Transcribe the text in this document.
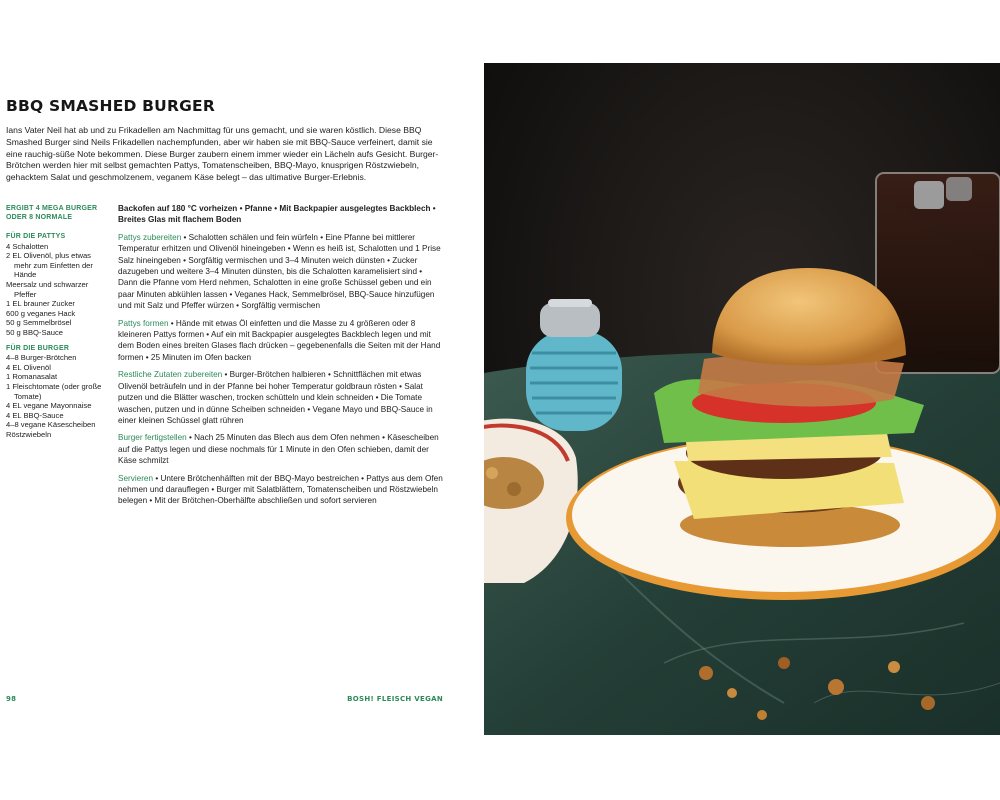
BBQ SMASHED BURGER

Ians Vater Neil hat ab und zu Frikadellen am Nachmittag für uns gemacht, und sie waren köstlich. Diese BBQ Smashed Burger sind Neils Frikadellen nachempfunden, aber wir haben sie mit BBQ-Sauce verfeinert, damit sie eine rauchig-süße Note bekommen. Diese Burger zaubern einem immer wieder ein Lächeln aufs Gesicht. Burger-Brötchen werden hier mit selbst gemachten Pattys, Tomatenscheiben, BBQ-Mayo, knusprigen Röstzwiebeln, gehacktem Salat und geschmolzenem, veganem Käse belegt – das ultimative Burger-Erlebnis.

ERGIBT 4 MEGA BURGER ODER 8 NORMALE
FÜR DIE PATTYS

4 Schalotten

2 EL Olivenöl, plus etwas mehr zum Einfetten der Hände

Meersalz und schwarzer Pfeffer

1 EL brauner Zucker

600 g veganes Hack

50 g Semmelbrösel

50 g BBQ-Sauce

FÜR DIE BURGER

4–8 Burger-Brötchen

4 EL Olivenöl

1 Romanasalat

1 Fleischtomate (oder große Tomate)

4 EL vegane Mayonnaise

4 EL BBQ-Sauce

4–8 vegane Käsescheiben

Röstzwiebeln

Backofen auf 180 °C vorheizen • Pfanne • Mit Backpapier ausgelegtes Backblech • Breites Glas mit flachem Boden

Pattys zubereiten • Schalotten schälen und fein würfeln • Eine Pfanne bei mittlerer Temperatur erhitzen und Olivenöl hineingeben • Wenn es heiß ist, Schalotten und 1 Prise Salz hineingeben • Sorgfältig vermischen und 3–4 Minuten weich dünsten • Zucker dazugeben und weitere 3–4 Minuten dünsten, bis die Schalotten karamelisiert sind • Dann die Pfanne vom Herd nehmen, Schalotten in eine große Schüssel geben und ein paar Minuten abkühlen lassen • Veganes Hack, Semmelbrösel, BBQ-Sauce hinzufügen und mit Salz und Pfeffer würzen • Sorgfältig vermischen

Pattys formen • Hände mit etwas Öl einfetten und die Masse zu 4 größeren oder 8 kleineren Pattys formen • Auf ein mit Backpapier ausgelegtes Backblech legen und mit dem Boden eines breiten Glases flach drücken – gegebenenfalls die Seiten mit der Hand formen • 25 Minuten im Ofen backen

Restliche Zutaten zubereiten • Burger-Brötchen halbieren • Schnittflächen mit etwas Olivenöl beträufeln und in der Pfanne bei hoher Temperatur goldbraun rösten • Salat putzen und die Blätter waschen, trocken schütteln und klein schneiden • Die Tomate waschen, putzen und in dünne Scheiben schneiden • Vegane Mayo und BBQ-Sauce in einer kleinen Schüssel glatt rühren

Burger fertigstellen • Nach 25 Minuten das Blech aus dem Ofen nehmen • Käsescheiben auf die Pattys legen und diese nochmals für 1 Minute in den Ofen schieben, damit der Käse schmilzt

Servieren • Untere Brötchenhälften mit der BBQ-Mayo bestreichen • Pattys aus dem Ofen nehmen und darauflegen • Burger mit Salatblättern, Tomatenscheiben und Röstzwiebeln belegen • Mit der Brötchen-Oberhälfte abschließen und sofort servieren

98	BOSH! FLEISCH VEGAN
